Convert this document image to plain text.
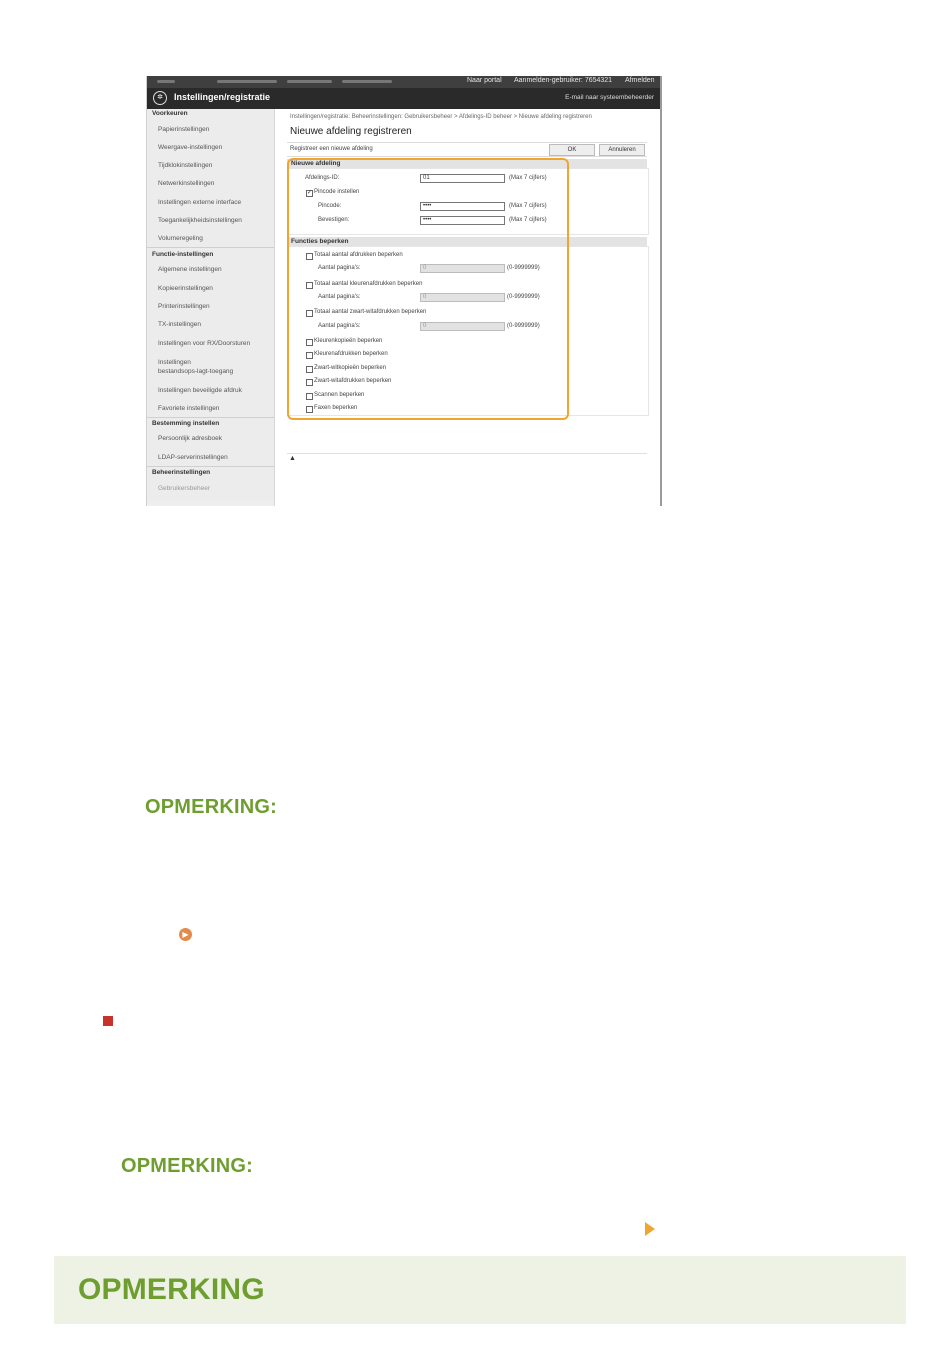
Naar portal Aanmelden-gebruiker: 7654321 Afmelden
✲	Instellingen/registratie	E-mail naar systeembeheerder
Voorkeuren
Papierinstellingen
Weergave-instellingen
Tijdklokinstellingen
Netwerkinstellingen
Instellingen externe interface
Toegankelijkheidsinstellingen
Volumeregeling
Functie-instellingen
Algemene instellingen
Kopieerinstellingen
Printerinstellingen
TX-instellingen
Instellingen voor RX/Doorsturen
Instellingen
bestandsops-lagt-toegang
Instellingen beveiligde afdruk
Favoriete instellingen
Bestemming instellen
Persoonlijk adresboek
LDAP-serverinstellingen
Beheerinstellingen
Gebruikersbeheer
Instellingen/registratie: Beheerinstellingen: Gebruikersbeheer > Afdelings-ID beheer > Nieuwe afdeling registreren
Nieuwe afdeling registreren
Registreer een nieuwe afdeling	OK	Annuleren
Nieuwe afdeling
Afdelings-ID:	01	(Max 7 cijfers)
✓ Pincode instellen
Pincode:	••••	(Max 7 cijfers)
Bevestigen:	••••	(Max 7 cijfers)
Functies beperken
Totaal aantal afdrukken beperken
Aantal pagina's:	0	(0-9999999)
Totaal aantal kleurenafdrukken beperken
Aantal pagina's:	0	(0-9999999)
Totaal aantal zwart-witafdrukken beperken
Aantal pagina's:	0	(0-9999999)
Kleurenkopieën beperken
Kleurenafdrukken beperken
Zwart-witkopieën beperken
Zwart-witafdrukken beperken
Scannen beperken
Faxen beperken
▲
OPMERKING:
▶
OPMERKING:
OPMERKING
